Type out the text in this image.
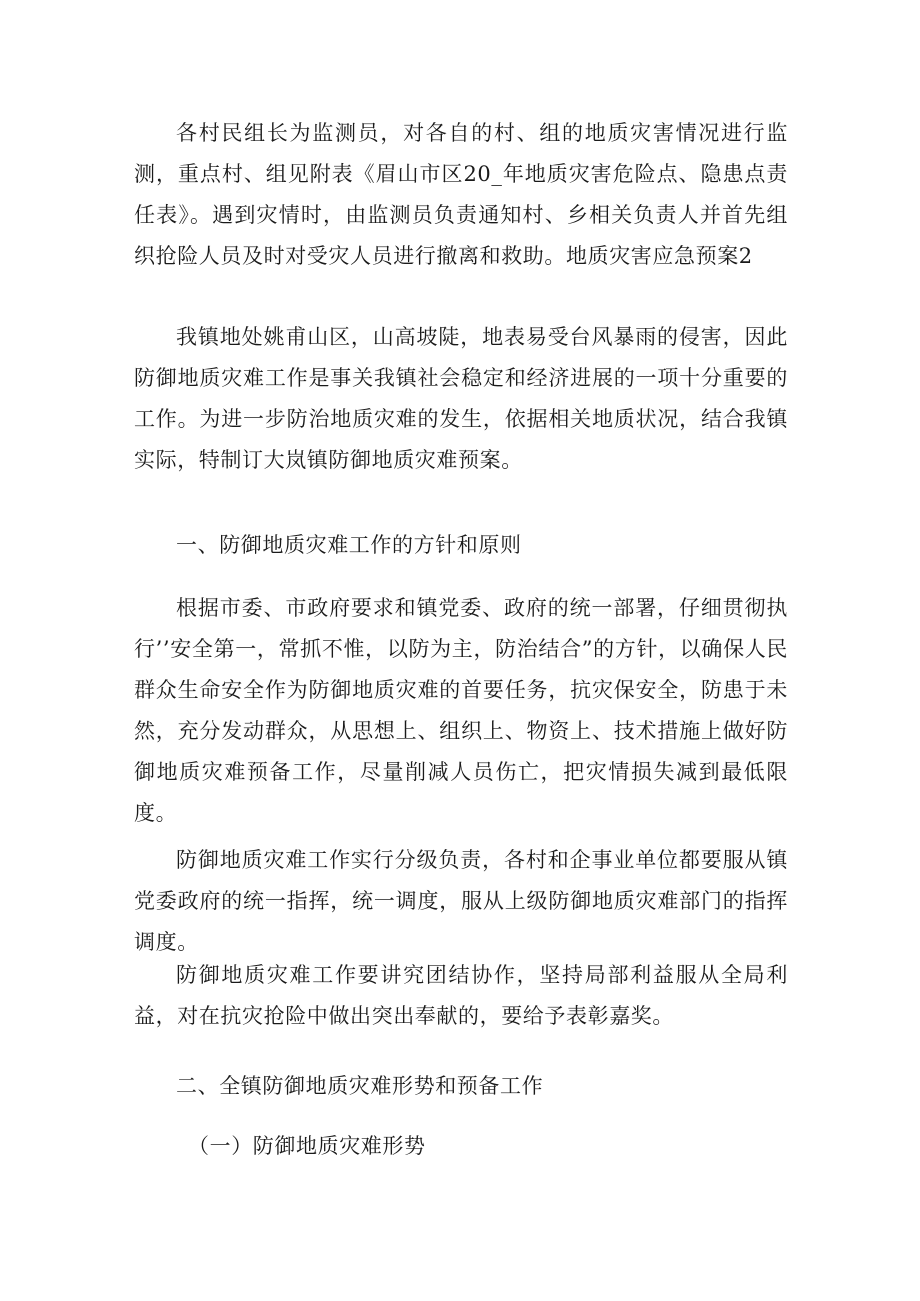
各村民组长为监测员，对各自的村、组的地质灾害情况进行监测，重点村、组见附表《眉山市区20_年地质灾害危险点、隐患点责任表》。遇到灾情时，由监测员负责通知村、乡相关负责人并首先组织抢险人员及时对受灾人员进行撤离和救助。地质灾害应急预案2

我镇地处姚甫山区，山高坡陡，地表易受台风暴雨的侵害，因此防御地质灾难工作是事关我镇社会稳定和经济进展的一项十分重要的工作。为进一步防治地质灾难的发生，依据相关地质状况，结合我镇实际，特制订大岚镇防御地质灾难预案。

一、防御地质灾难工作的方针和原则

根据市委、市政府要求和镇党委、政府的统一部署，仔细贯彻执行’’安全第一，常抓不惟，以防为主，防治结合”的方针，以确保人民群众生命安全作为防御地质灾难的首要任务，抗灾保安全，防患于未然，充分发动群众，从思想上、组织上、物资上、技术措施上做好防御地质灾难预备工作，尽量削减人员伤亡，把灾情损失减到最低限度。

防御地质灾难工作实行分级负责，各村和企事业单位都要服从镇党委政府的统一指挥，统一调度，服从上级防御地质灾难部门的指挥调度。

防御地质灾难工作要讲究团结协作，坚持局部利益服从全局利益，对在抗灾抢险中做出突出奉献的，要给予表彰嘉奖。

二、全镇防御地质灾难形势和预备工作

（一）防御地质灾难形势
